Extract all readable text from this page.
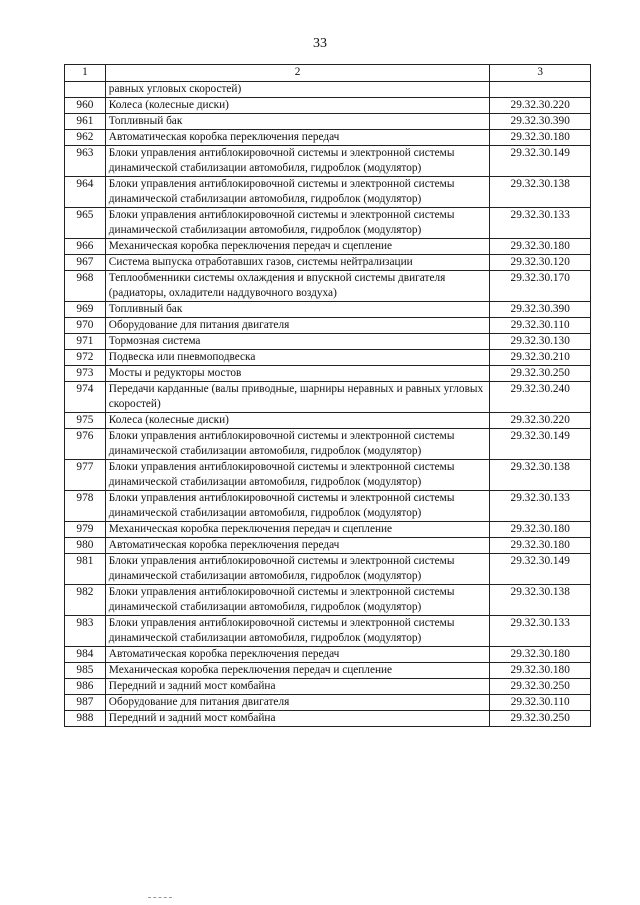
33
1	2	3
	равных угловых скоростей)	
960	Колеса (колесные диски)	29.32.30.220
961	Топливный бак	29.32.30.390
962	Автоматическая коробка переключения передач	29.32.30.180
963	Блоки управления антиблокировочной системы и электронной системы динамической стабилизации автомобиля, гидроблок (модулятор)	29.32.30.149
964	Блоки управления антиблокировочной системы и электронной системы динамической стабилизации автомобиля, гидроблок (модулятор)	29.32.30.138
965	Блоки управления антиблокировочной системы и электронной системы динамической стабилизации автомобиля, гидроблок (модулятор)	29.32.30.133
966	Механическая коробка переключения передач и сцепление	29.32.30.180
967	Система выпуска отработавших газов, системы нейтрализации	29.32.30.120
968	Теплообменники системы охлаждения и впускной системы двигателя (радиаторы, охладители наддувочного воздуха)	29.32.30.170
969	Топливный бак	29.32.30.390
970	Оборудование для питания двигателя	29.32.30.110
971	Тормозная система	29.32.30.130
972	Подвеска или пневмоподвеска	29.32.30.210
973	Мосты и редукторы мостов	29.32.30.250
974	Передачи карданные (валы приводные, шарниры неравных и равных угловых скоростей)	29.32.30.240
975	Колеса (колесные диски)	29.32.30.220
976	Блоки управления антиблокировочной системы и электронной системы динамической стабилизации автомобиля, гидроблок (модулятор)	29.32.30.149
977	Блоки управления антиблокировочной системы и электронной системы динамической стабилизации автомобиля, гидроблок (модулятор)	29.32.30.138
978	Блоки управления антиблокировочной системы и электронной системы динамической стабилизации автомобиля, гидроблок (модулятор)	29.32.30.133
979	Механическая коробка переключения передач и сцепление	29.32.30.180
980	Автоматическая коробка переключения передач	29.32.30.180
981	Блоки управления антиблокировочной системы и электронной системы динамической стабилизации автомобиля, гидроблок (модулятор)	29.32.30.149
982	Блоки управления антиблокировочной системы и электронной системы динамической стабилизации автомобиля, гидроблок (модулятор)	29.32.30.138
983	Блоки управления антиблокировочной системы и электронной системы динамической стабилизации автомобиля, гидроблок (модулятор)	29.32.30.133
984	Автоматическая коробка переключения передач	29.32.30.180
985	Механическая коробка переключения передач и сцепление	29.32.30.180
986	Передний и задний мост комбайна	29.32.30.250
987	Оборудование для питания двигателя	29.32.30.110
988	Передний и задний мост комбайна	29.32.30.250
